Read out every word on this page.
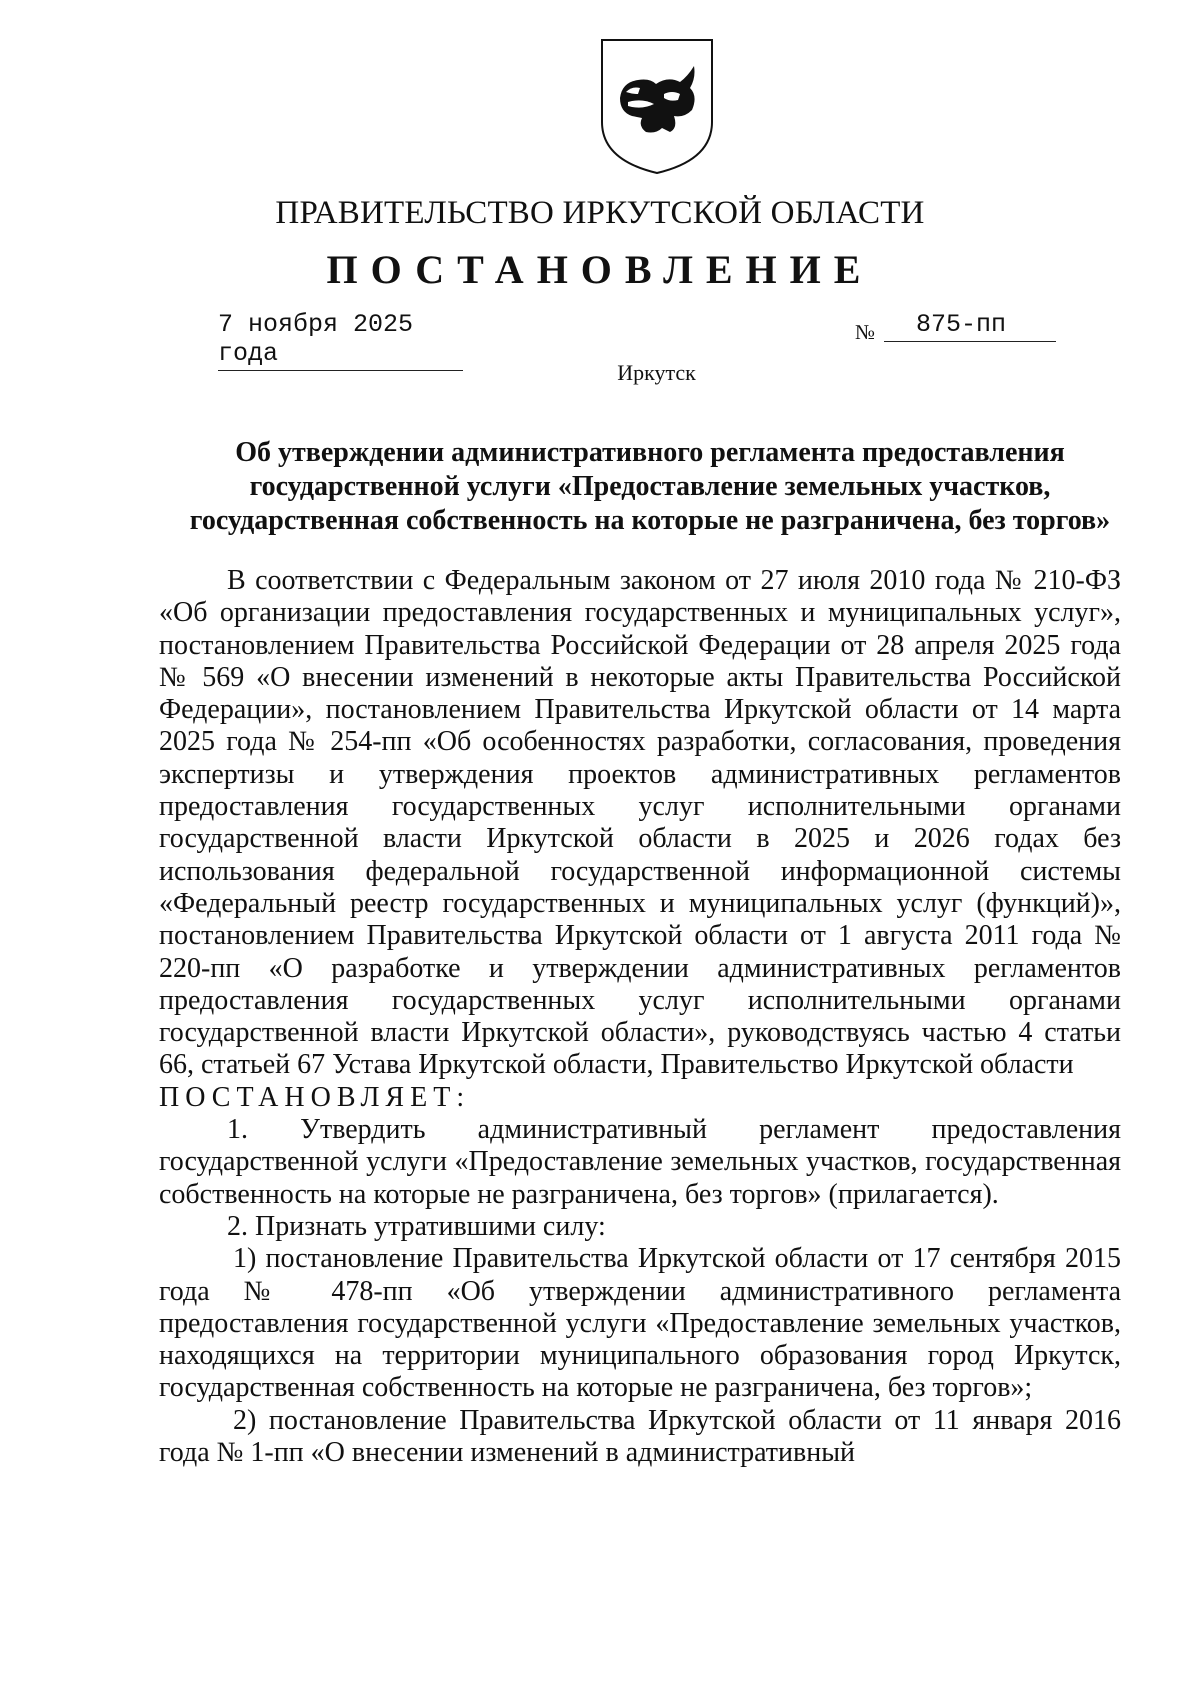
ПРАВИТЕЛЬСТВО ИРКУТСКОЙ ОБЛАСТИ
ПОСТАНОВЛЕНИЕ
7 ноября 2025 года
№	875-пп
Иркутск
Об утверждении административного регламента предоставления
государственной услуги «Предоставление земельных участков,
государственная собственность на которые не разграничена, без торгов»

В соответствии с Федеральным законом от 27 июля 2010 года № 210-ФЗ «Об организации предоставления государственных и муниципальных услуг», постановлением Правительства Российской Федерации от 28 апреля 2025 года № 569 «О внесении изменений в некоторые акты Правительства Российской Федерации», постановлением Правительства Иркутской области от 14 марта 2025 года № 254-пп «Об особенностях разработки, согласования, проведения экспертизы и утверждения проектов административных регламентов предоставления государственных услуг исполнительными органами государственной власти Иркутской области в 2025 и 2026 годах без использования федеральной государственной информационной системы «Федеральный реестр государственных и муниципальных услуг (функций)», постановлением Правительства Иркутской области от 1 августа 2011 года № 220-пп «О разработке и утверждении административных регламентов предоставления государственных услуг исполнительными органами государственной власти Иркутской области», руководствуясь частью 4 статьи 66, статьей 67 Устава Иркутской области, Правительство Иркутской области

ПОСТАНОВЛЯЕТ:

1. Утвердить административный регламент предоставления государственной услуги «Предоставление земельных участков, государственная собственность на которые не разграничена, без торгов» (прилагается).

2. Признать утратившими силу:

1) постановление Правительства Иркутской области от 17 сентября 2015 года № 478-пп «Об утверждении административного регламента предоставления государственной услуги «Предоставление земельных участков, находящихся на территории муниципального образования город Иркутск, государственная собственность на которые не разграничена, без торгов»;

2) постановление Правительства Иркутской области от 11 января 2016 года № 1-пп «О внесении изменений в административный
